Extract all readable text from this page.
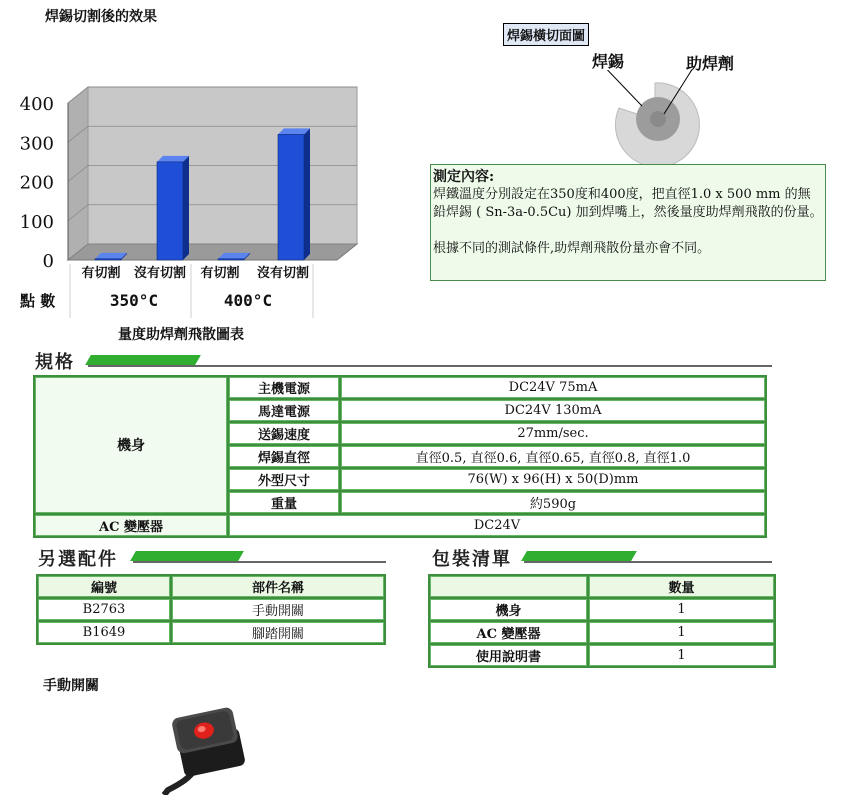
焊錫切割後的效果
400
300
200
100
0
有切割 沒有切割 有切割 沒有切割
350°C	400°C
點 數
量度助焊劑飛散圖表
焊錫橫切面圖
焊錫	助焊劑
測定內容:
焊鐵溫度分別設定在350度和400度，把直徑1.0 x 500 mm 的無鉛焊錫 ( Sn-3a-0.5Cu) 加到焊嘴上，然後量度助焊劑飛散的份量。
根據不同的測試條件,助焊劑飛散份量亦會不同。
規格
機身	主機電源	DC24V 75mA
	馬達電源	DC24V 130mA
	送錫速度	27mm/sec.
	焊錫直徑	直徑0.5, 直徑0.6, 直徑0.65, 直徑0.8, 直徑1.0
	外型尺寸	76(W) x 96(H) x 50(D)mm
	重量	約590g
AC 變壓器	DC24V	
另選配件
編號	部件名稱
B2763	手動開關
B1649	腳踏開關
包裝清單
	數量
機身	1
AC 變壓器	1
使用說明書	1
手動開關
